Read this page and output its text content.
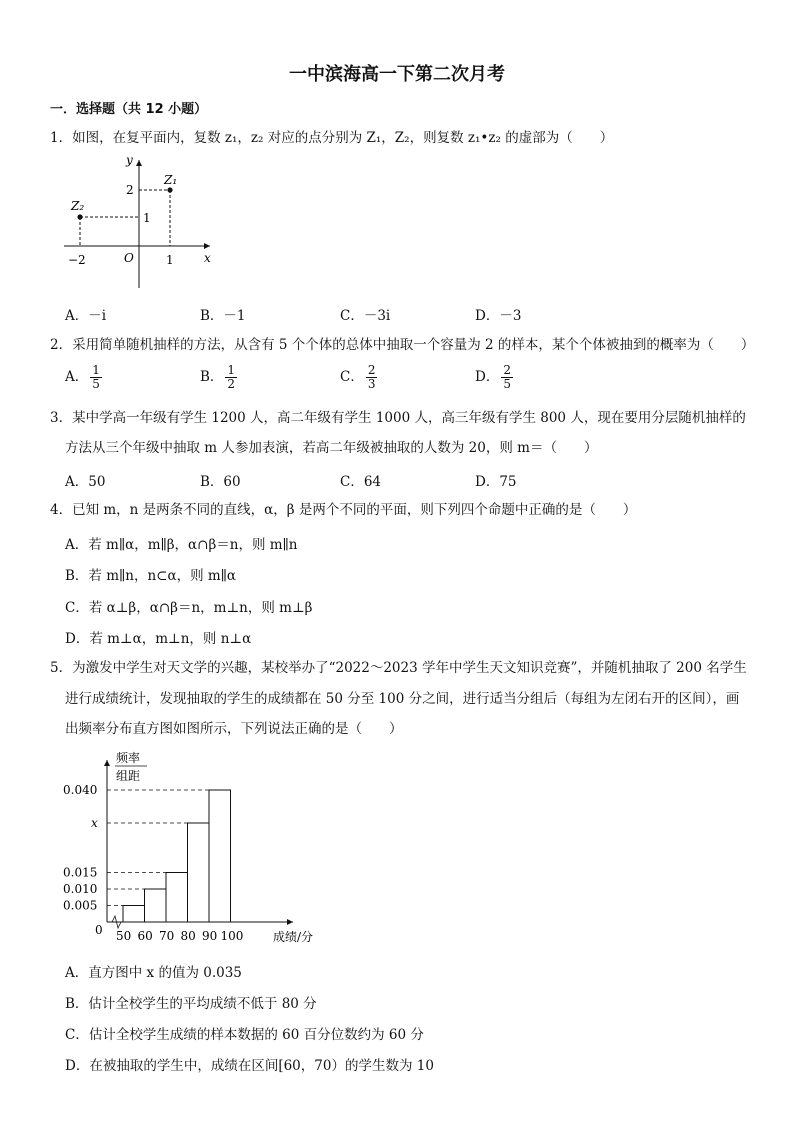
一中滨海高一下第二次月考
一．选择题（共 12 小题）
1．如图，在复平面内，复数 z₁，z₂ 对应的点分别为 Z₁，Z₂，则复数 z₁•z₂ 的虚部为（　　）
Z₁
Z₂
y
x
O
2
1
−2	1
A．－i	B．－1	C．－3i	D．－3
2．采用简单随机抽样的方法，从含有 5 个个体的总体中抽取一个容量为 2 的样本，某个个体被抽到的概率为（　　）
A． $\frac{1}{5}$	B． $\frac{1}{2}$	C． $\frac{2}{3}$	D． $\frac{2}{5}$
3．某中学高一年级有学生 1200 人，高二年级有学生 1000 人，高三年级有学生 800 人，现在要用分层随机抽样的
方法从三个年级中抽取 m 人参加表演，若高二年级被抽取的人数为 20，则 m＝（　　）
A．50	B．60	C．64	D．75
4．已知 m，n 是两条不同的直线，α，β 是两个不同的平面，则下列四个命题中正确的是（　　）
A．若 m∥α，m∥β，α∩β＝n，则 m∥n
B．若 m∥n，n⊂α，则 m∥α
C．若 α⊥β，α∩β＝n，m⊥n，则 m⊥β
D．若 m⊥α，m⊥n，则 n⊥α
5．为激发中学生对天文学的兴趣，某校举办了“2022～2023 学年中学生天文知识竞赛”，并随机抽取了 200 名学生
进行成绩统计，发现抽取的学生的成绩都在 50 分至 100 分之间，进行适当分组后（每组为左闭右开的区间），画
出频率分布直方图如图所示，下列说法正确的是（　　）
频率
组距
0	成绩/分
0.040
x
0.015
0.010
0.005
50 60 70 80 90 100
A．直方图中 x 的值为 0.035
B．估计全校学生的平均成绩不低于 80 分
C．估计全校学生成绩的样本数据的 60 百分位数约为 60 分
D．在被抽取的学生中，成绩在区间[60，70）的学生数为 10
